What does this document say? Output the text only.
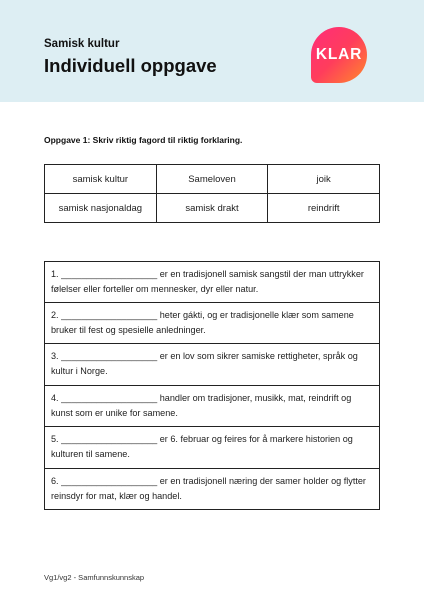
Samisk kultur
Individuell oppgave
KLAR
Oppgave 1: Skriv riktig fagord til riktig forklaring.
samisk kultur	Sameloven	joik
samisk nasjonaldag	samisk drakt	reindrift
1. ___________________ er en tradisjonell samisk sangstil der man uttrykker følelser eller forteller om mennesker, dyr eller natur.
2. ___________________ heter gákti, og er tradisjonelle klær som samene bruker til fest og spesielle anledninger.
3. ___________________ er en lov som sikrer samiske rettigheter, språk og kultur i Norge.
4. ___________________ handler om tradisjoner, musikk, mat, reindrift og kunst som er unike for samene.
5. ___________________ er 6. februar og feires for å markere historien og kulturen til samene.
6. ___________________ er en tradisjonell næring der samer holder og flytter reinsdyr for mat, klær og handel.
Vg1/vg2 - Samfunnskunnskap
